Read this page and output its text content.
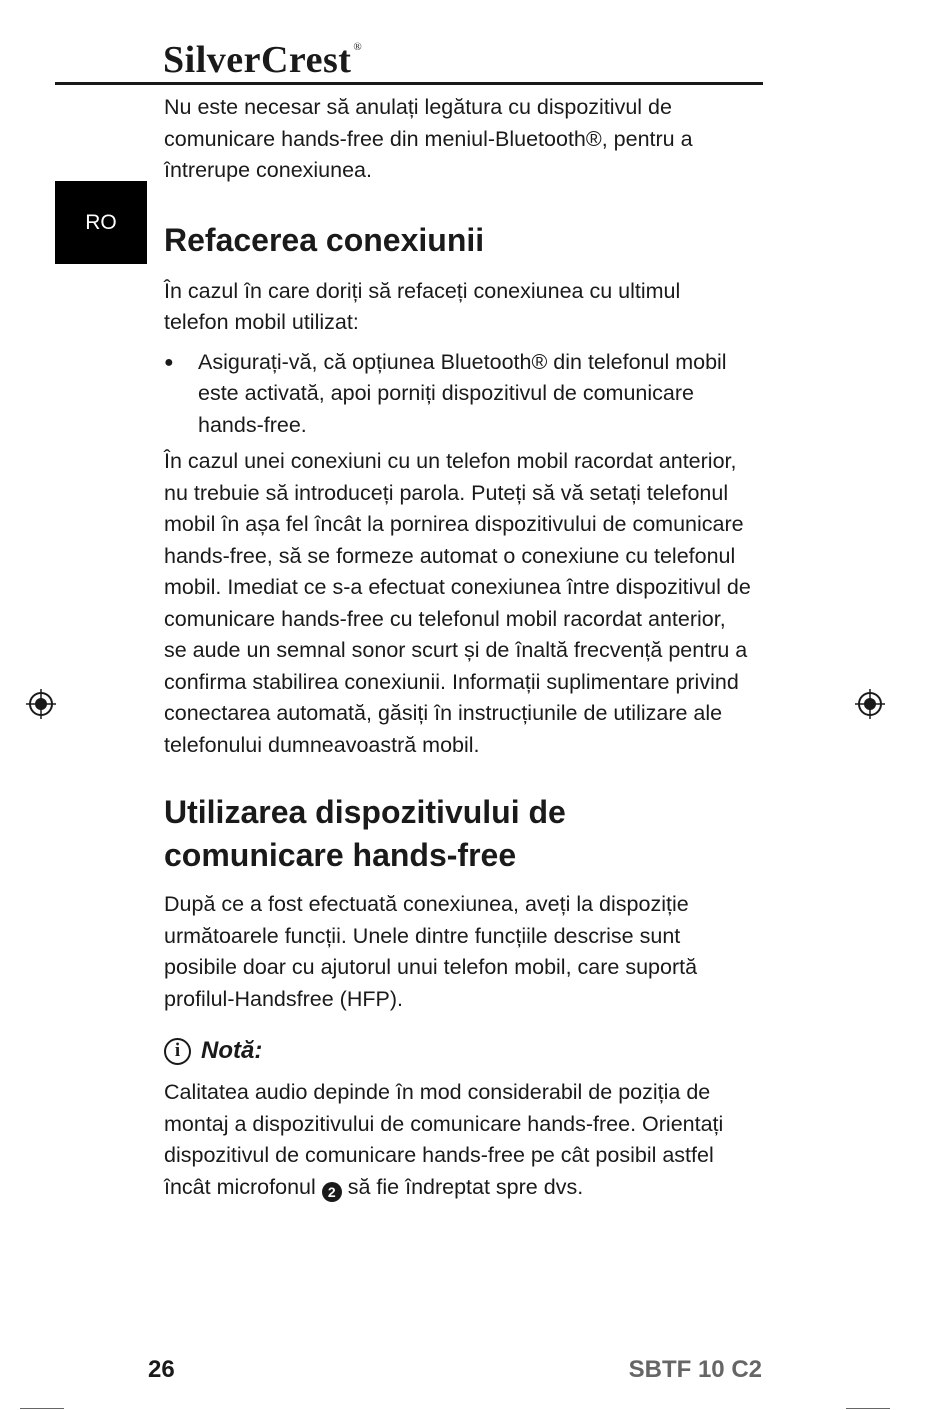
SilverCrest ®
RO

Nu este necesar să anulați legătura cu dispozitivul de comunicare hands-free din meniul-Bluetooth®, pentru a întrerupe conexiunea.

Refacerea conexiunii

În cazul în care doriți să refaceți conexiunea cu ultimul telefon mobil utilizat:

●	Asigurați-vă, că opțiunea Bluetooth® din telefonul mobil este activată, apoi porniți dispozitivul de comunicare hands-free.

În cazul unei conexiuni cu un telefon mobil racordat anterior, nu trebuie să introduceți parola. Puteți să vă setați telefonul mobil în așa fel încât la pornirea dispozitivului de comunicare hands-free, să se formeze automat o conexiune cu telefonul mobil. Imediat ce s-a efectuat conexiunea între dispozitivul de comunicare hands-free cu telefonul mobil racordat anterior, se aude un semnal sonor scurt și de înaltă frecvență pentru a confirma stabilirea conexiunii. Informații suplimentare privind conectarea automată, găsiți în instrucțiunile de utilizare ale telefonului dumneavoastră mobil.

Utilizarea dispozitivului de comunicare hands-free

După ce a fost efectuată conexiunea, aveți la dispoziție următoarele funcții. Unele dintre funcțiile descrise sunt posibile doar cu ajutorul unui telefon mobil, care suportă profilul-Handsfree (HFP).

i Notă:

Calitatea audio depinde în mod considerabil de poziția de montaj a dispozitivului de comunicare hands-free. Orientați dispozitivul de comunicare hands-free pe cât posibil astfel încât microfonul 2 să fie îndreptat spre dvs.

26	SBTF 10 C2
